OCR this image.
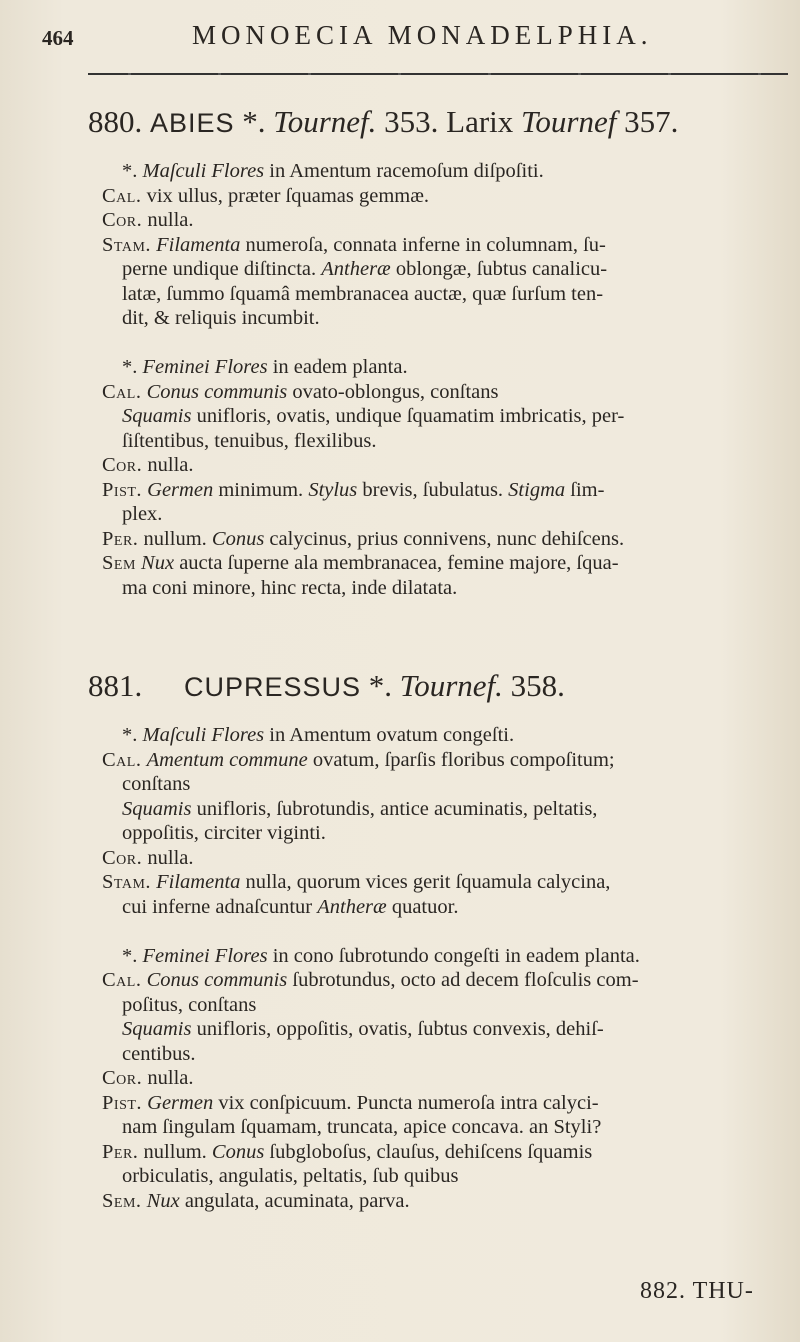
464	MONOECIA MONADELPHIA.
880. ABIES *. Tournef. 353. Larix Tournef 357.
*. Maſculi Flores in Amentum racemoſum diſpoſiti.
Cal. vix ullus, præter ſquamas gemmæ.
Cor. nulla.
Stam. Filamenta numeroſa, connata inferne in columnam, ſu-
perne undique diſtincta. Antheræ oblongæ, ſubtus canalicu-
latæ, ſummo ſquamâ membranacea auctæ, quæ ſurſum ten-
dit, & reliquis incumbit.
*. Feminei Flores in eadem planta.
Cal. Conus communis ovato-oblongus, conſtans
Squamis unifloris, ovatis, undique ſquamatim imbricatis, per-
ſiſtentibus, tenuibus, flexilibus.
Cor. nulla.
Pist. Germen minimum. Stylus brevis, ſubulatus. Stigma ſim-
plex.
Per. nullum. Conus calycinus, prius connivens, nunc dehiſcens.
Sem Nux aucta ſuperne ala membranacea, femine majore, ſqua-
ma coni minore, hinc recta, inde dilatata.
881. CUPRESSUS *. Tournef. 358.
*. Maſculi Flores in Amentum ovatum congeſti.
Cal. Amentum commune ovatum, ſparſis floribus compoſitum;
conſtans
Squamis unifloris, ſubrotundis, antice acuminatis, peltatis,
oppoſitis, circiter viginti.
Cor. nulla.
Stam. Filamenta nulla, quorum vices gerit ſquamula calycina,
cui inferne adnaſcuntur Antheræ quatuor.
*. Feminei Flores in cono ſubrotundo congeſti in eadem planta.
Cal. Conus communis ſubrotundus, octo ad decem floſculis com-
poſitus, conſtans
Squamis unifloris, oppoſitis, ovatis, ſubtus convexis, dehiſ-
centibus.
Cor. nulla.
Pist. Germen vix conſpicuum. Puncta numeroſa intra calyci-
nam ſingulam ſquamam, truncata, apice concava. an Styli?
Per. nullum. Conus ſubgloboſus, clauſus, dehiſcens ſquamis
orbiculatis, angulatis, peltatis, ſub quibus
Sem. Nux angulata, acuminata, parva.
882. THU-
